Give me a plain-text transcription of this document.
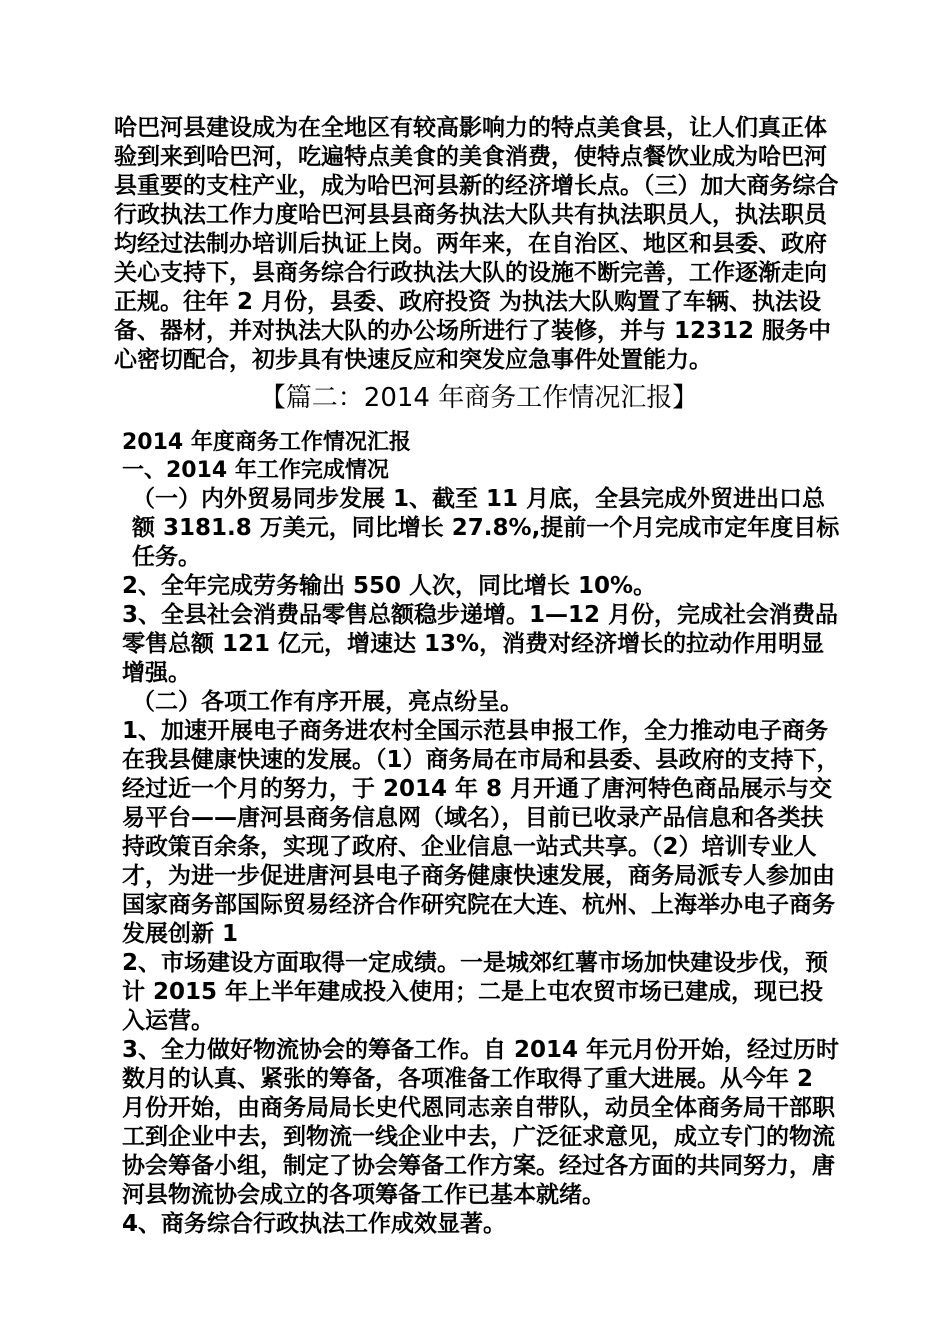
哈巴河县建设成为在全地区有较高影响力的特点美食县，让人们真正体验到来到哈巴河，吃遍特点美食的美食消费，使特点餐饮业成为哈巴河县重要的支柱产业，成为哈巴河县新的经济增长点。（三）加大商务综合行政执法工作力度哈巴河县县商务执法大队共有执法职员人，执法职员均经过法制办培训后执证上岗。两年来，在自治区、地区和县委、政府关心支持下，县商务综合行政执法大队的设施不断完善，工作逐渐走向正规。往年 2 月份，县委、政府投资 为执法大队购置了车辆、执法设备、器材，并对执法大队的办公场所进行了装修，并与 12312 服务中心密切配合，初步具有快速反应和突发应急事件处置能力。

【篇二：2014 年商务工作情况汇报】

2014 年度商务工作情况汇报

一、2014 年工作完成情况

（一）内外贸易同步发展 1、截至 11 月底，全县完成外贸进出口总额 3181.8 万美元，同比增长 27.8%,提前一个月完成市定年度目标任务。

2、全年完成劳务输出 550 人次，同比增长 10%。

3、全县社会消费品零售总额稳步递增。1—12 月份，完成社会消费品零售总额 121 亿元，增速达 13%，消费对经济增长的拉动作用明显增强。

（二）各项工作有序开展，亮点纷呈。

1、加速开展电子商务进农村全国示范县申报工作，全力推动电子商务在我县健康快速的发展。（1）商务局在市局和县委、县政府的支持下，经过近一个月的努力，于 2014 年 8 月开通了唐河特色商品展示与交易平台——唐河县商务信息网（域名），目前已收录产品信息和各类扶持政策百余条，实现了政府、企业信息一站式共享。（2）培训专业人才，为进一步促进唐河县电子商务健康快速发展，商务局派专人参加由国家商务部国际贸易经济合作研究院在大连、杭州、上海举办电子商务发展创新 1

2、市场建设方面取得一定成绩。一是城郊红薯市场加快建设步伐，预计 2015 年上半年建成投入使用；二是上屯农贸市场已建成，现已投入运营。

3、全力做好物流协会的筹备工作。自 2014 年元月份开始，经过历时数月的认真、紧张的筹备，各项准备工作取得了重大进展。从今年 2 月份开始，由商务局局长史代恩同志亲自带队，动员全体商务局干部职工到企业中去，到物流一线企业中去，广泛征求意见，成立专门的物流协会筹备小组，制定了协会筹备工作方案。经过各方面的共同努力，唐河县物流协会成立的各项筹备工作已基本就绪。

4、商务综合行政执法工作成效显著。
